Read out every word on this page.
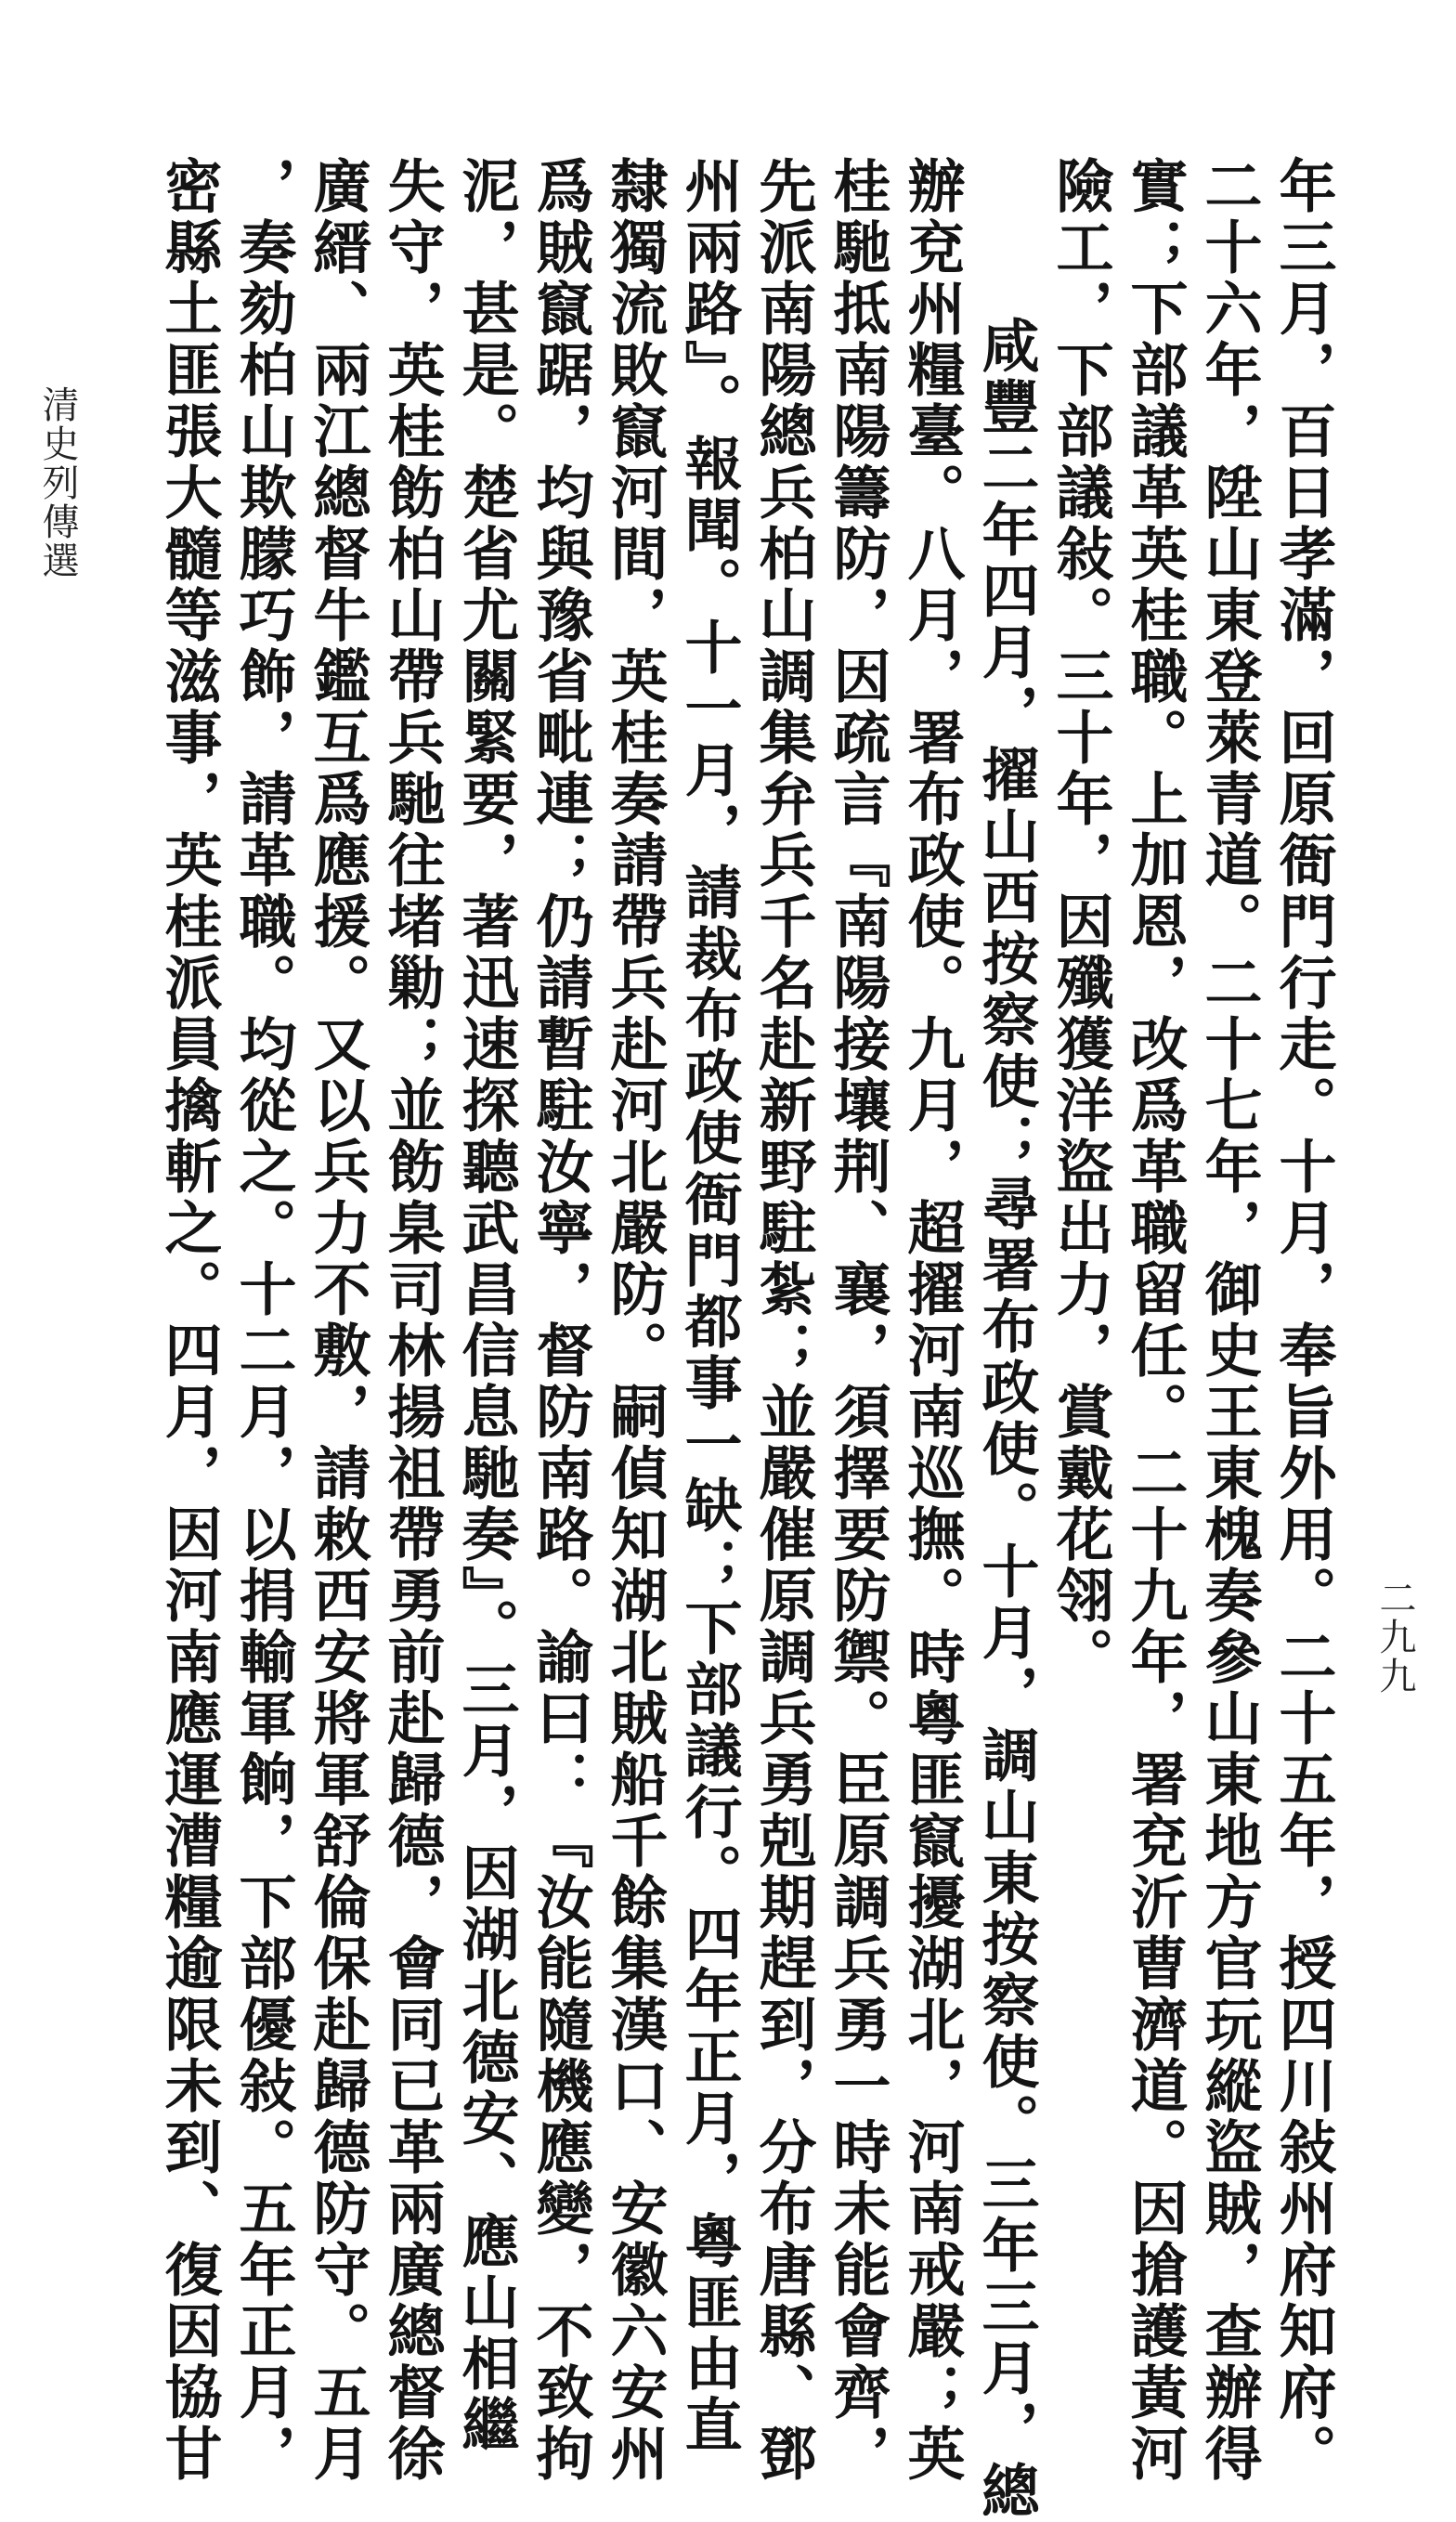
年三月，百日孝滿，回原衙門行走。十月，奉旨外用。二十五年，授四川敍州府知府。
二十六年，陞山東登萊青道。二十七年，御史王東槐奏參山東地方官玩縱盜賊，查辦得
實；下部議革英桂職。上加恩，改爲革職留任。二十九年，署兗沂曹濟道。因搶護黃河
險工，下部議敍。三十年，因殲獲洋盜出力，賞戴花翎。
咸豐二年四月，擢山西按察使；尋署布政使。十月，調山東按察使。三年三月，總
辦兗州糧臺。八月，署布政使。九月，超擢河南巡撫。時粵匪竄擾湖北，河南戒嚴；英
桂馳抵南陽籌防，因疏言『南陽接壤荆、襄，須擇要防禦。臣原調兵勇一時未能會齊，
先派南陽總兵柏山調集弁兵千名赴新野駐紮；並嚴催原調兵勇剋期趕到，分布唐縣、鄧
州兩路』。報聞。十一月，請裁布政使衙門都事一缺；下部議行。四年正月，粵匪由直
隸獨流敗竄河間，英桂奏請帶兵赴河北嚴防。嗣偵知湖北賊船千餘集漢口、安徽六安州
爲賊竄踞，均與豫省毗連；仍請暫駐汝寧，督防南路。諭曰：『汝能隨機應變，不致拘
泥，甚是。楚省尤關緊要，著迅速探聽武昌信息馳奏』。三月，因湖北德安、應山相繼
失守，英桂飭柏山帶兵馳往堵勦；並飭臬司林揚祖帶勇前赴歸德，會同已革兩廣總督徐
廣縉、兩江總督牛鑑互爲應援。又以兵力不敷，請敕西安將軍舒倫保赴歸德防守。五月
，奏劾柏山欺朦巧飾，請革職。均從之。十二月，以捐輸軍餉，下部優敍。五年正月，
密縣土匪張大髓等滋事，英桂派員擒斬之。四月，因河南應運漕糧逾限未到、復因協甘
清史列傳選
二九九
